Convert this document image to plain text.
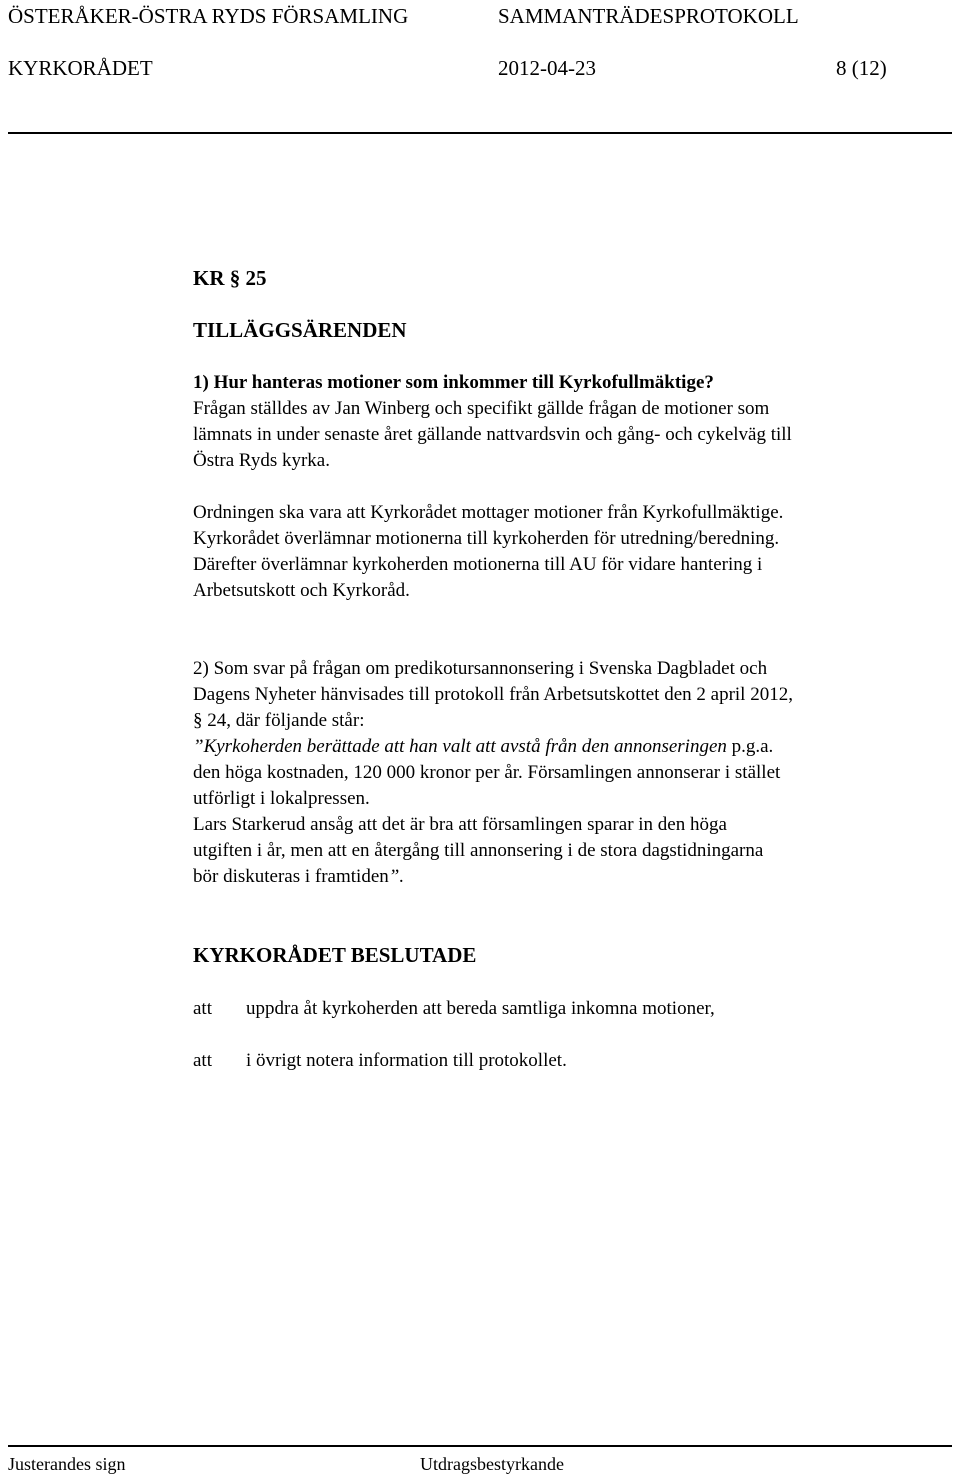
ÖSTERÅKER-ÖSTRA RYDS FÖRSAMLING	SAMMANTRÄDESPROTOKOLL
KYRKORÅDET	2012-04-23	8 (12)
KR § 25
TILLÄGGSÄRENDEN
1) Hur hanteras motioner som inkommer till Kyrkofullmäktige?
Frågan ställdes av Jan Winberg och specifikt gällde frågan de motioner som
lämnats in under senaste året gällande nattvardsvin och gång- och cykelväg till
Östra Ryds kyrka.
Ordningen ska vara att Kyrkorådet mottager motioner från Kyrkofullmäktige.
Kyrkorådet överlämnar motionerna till kyrkoherden för utredning/beredning.
Därefter överlämnar kyrkoherden motionerna till AU för vidare hantering i
Arbetsutskott och Kyrkoråd.
2) Som svar på frågan om predikotursannonsering i Svenska Dagbladet och
Dagens Nyheter hänvisades till protokoll från Arbetsutskottet den 2 april 2012,
§ 24, där följande står:
”Kyrkoherden berättade att han valt att avstå från den annonseringen p.g.a.
den höga kostnaden, 120 000 kronor per år. Församlingen annonserar i stället
utförligt i lokalpressen.
Lars Starkerud ansåg att det är bra att församlingen sparar in den höga
utgiften i år, men att en återgång till annonsering i de stora dagstidningarna
bör diskuteras i framtiden”.
KYRKORÅDET BESLUTADE
att uppdra åt kyrkoherden att bereda samtliga inkomna motioner,
att i övrigt notera information till protokollet.
Justerandes sign	Utdragsbestyrkande
